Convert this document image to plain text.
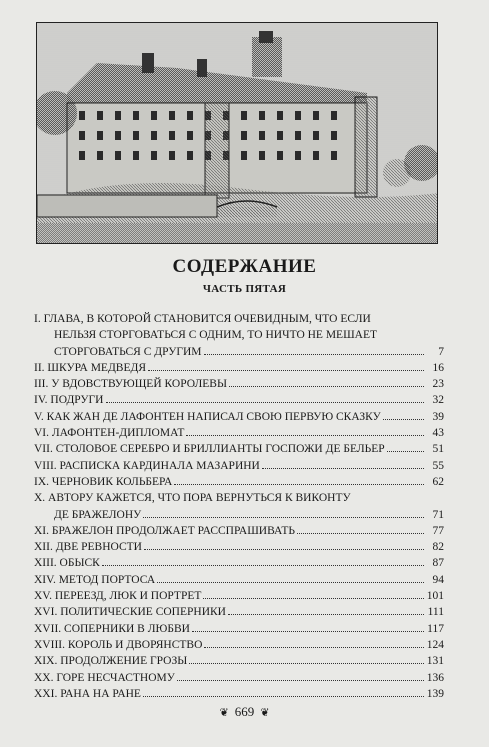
СОДЕРЖАНИЕ
ЧАСТЬ ПЯТАЯ
I. ГЛАВА, В КОТОРОЙ СТАНОВИТСЯ ОЧЕВИДНЫМ, ЧТО ЕСЛИ
НЕЛЬЗЯ СТОРГОВАТЬСЯ С ОДНИМ, ТО НИЧТО НЕ МЕШАЕТ
СТОРГОВАТЬСЯ С ДРУГИМ	7
II. ШКУРА МЕДВЕДЯ	16
III. У ВДОВСТВУЮЩЕЙ КОРОЛЕВЫ	23
IV. ПОДРУГИ	32
V. КАК ЖАН ДЕ ЛАФОНТЕН НАПИСАЛ СВОЮ ПЕРВУЮ СКАЗКУ	39
VI. ЛАФОНТЕН-ДИПЛОМАТ	43
VII. СТОЛОВОЕ СЕРЕБРО И БРИЛЛИАНТЫ ГОСПОЖИ ДЕ БЕЛЬЕР	51
VIII. РАСПИСКА КАРДИНАЛА МАЗАРИНИ	55
IX. ЧЕРНОВИК КОЛЬБЕРА	62
X. АВТОРУ КАЖЕТСЯ, ЧТО ПОРА ВЕРНУТЬСЯ К ВИКОНТУ
ДЕ БРАЖЕЛОНУ	71
XI. БРАЖЕЛОН ПРОДОЛЖАЕТ РАССПРАШИВАТЬ	77
XII. ДВЕ РЕВНОСТИ	82
XIII. ОБЫСК	87
XIV. МЕТОД ПОРТОСА	94
XV. ПЕРЕЕЗД, ЛЮК И ПОРТРЕТ	101
XVI. ПОЛИТИЧЕСКИЕ СОПЕРНИКИ	111
XVII. СОПЕРНИКИ В ЛЮБВИ	117
XVIII. КОРОЛЬ И ДВОРЯНСТВО	124
XIX. ПРОДОЛЖЕНИЕ ГРОЗЫ	131
XX. ГОРЕ НЕСЧАСТНОМУ	136
XXI. РАНА НА РАНЕ	139
❦ 669 ❦
